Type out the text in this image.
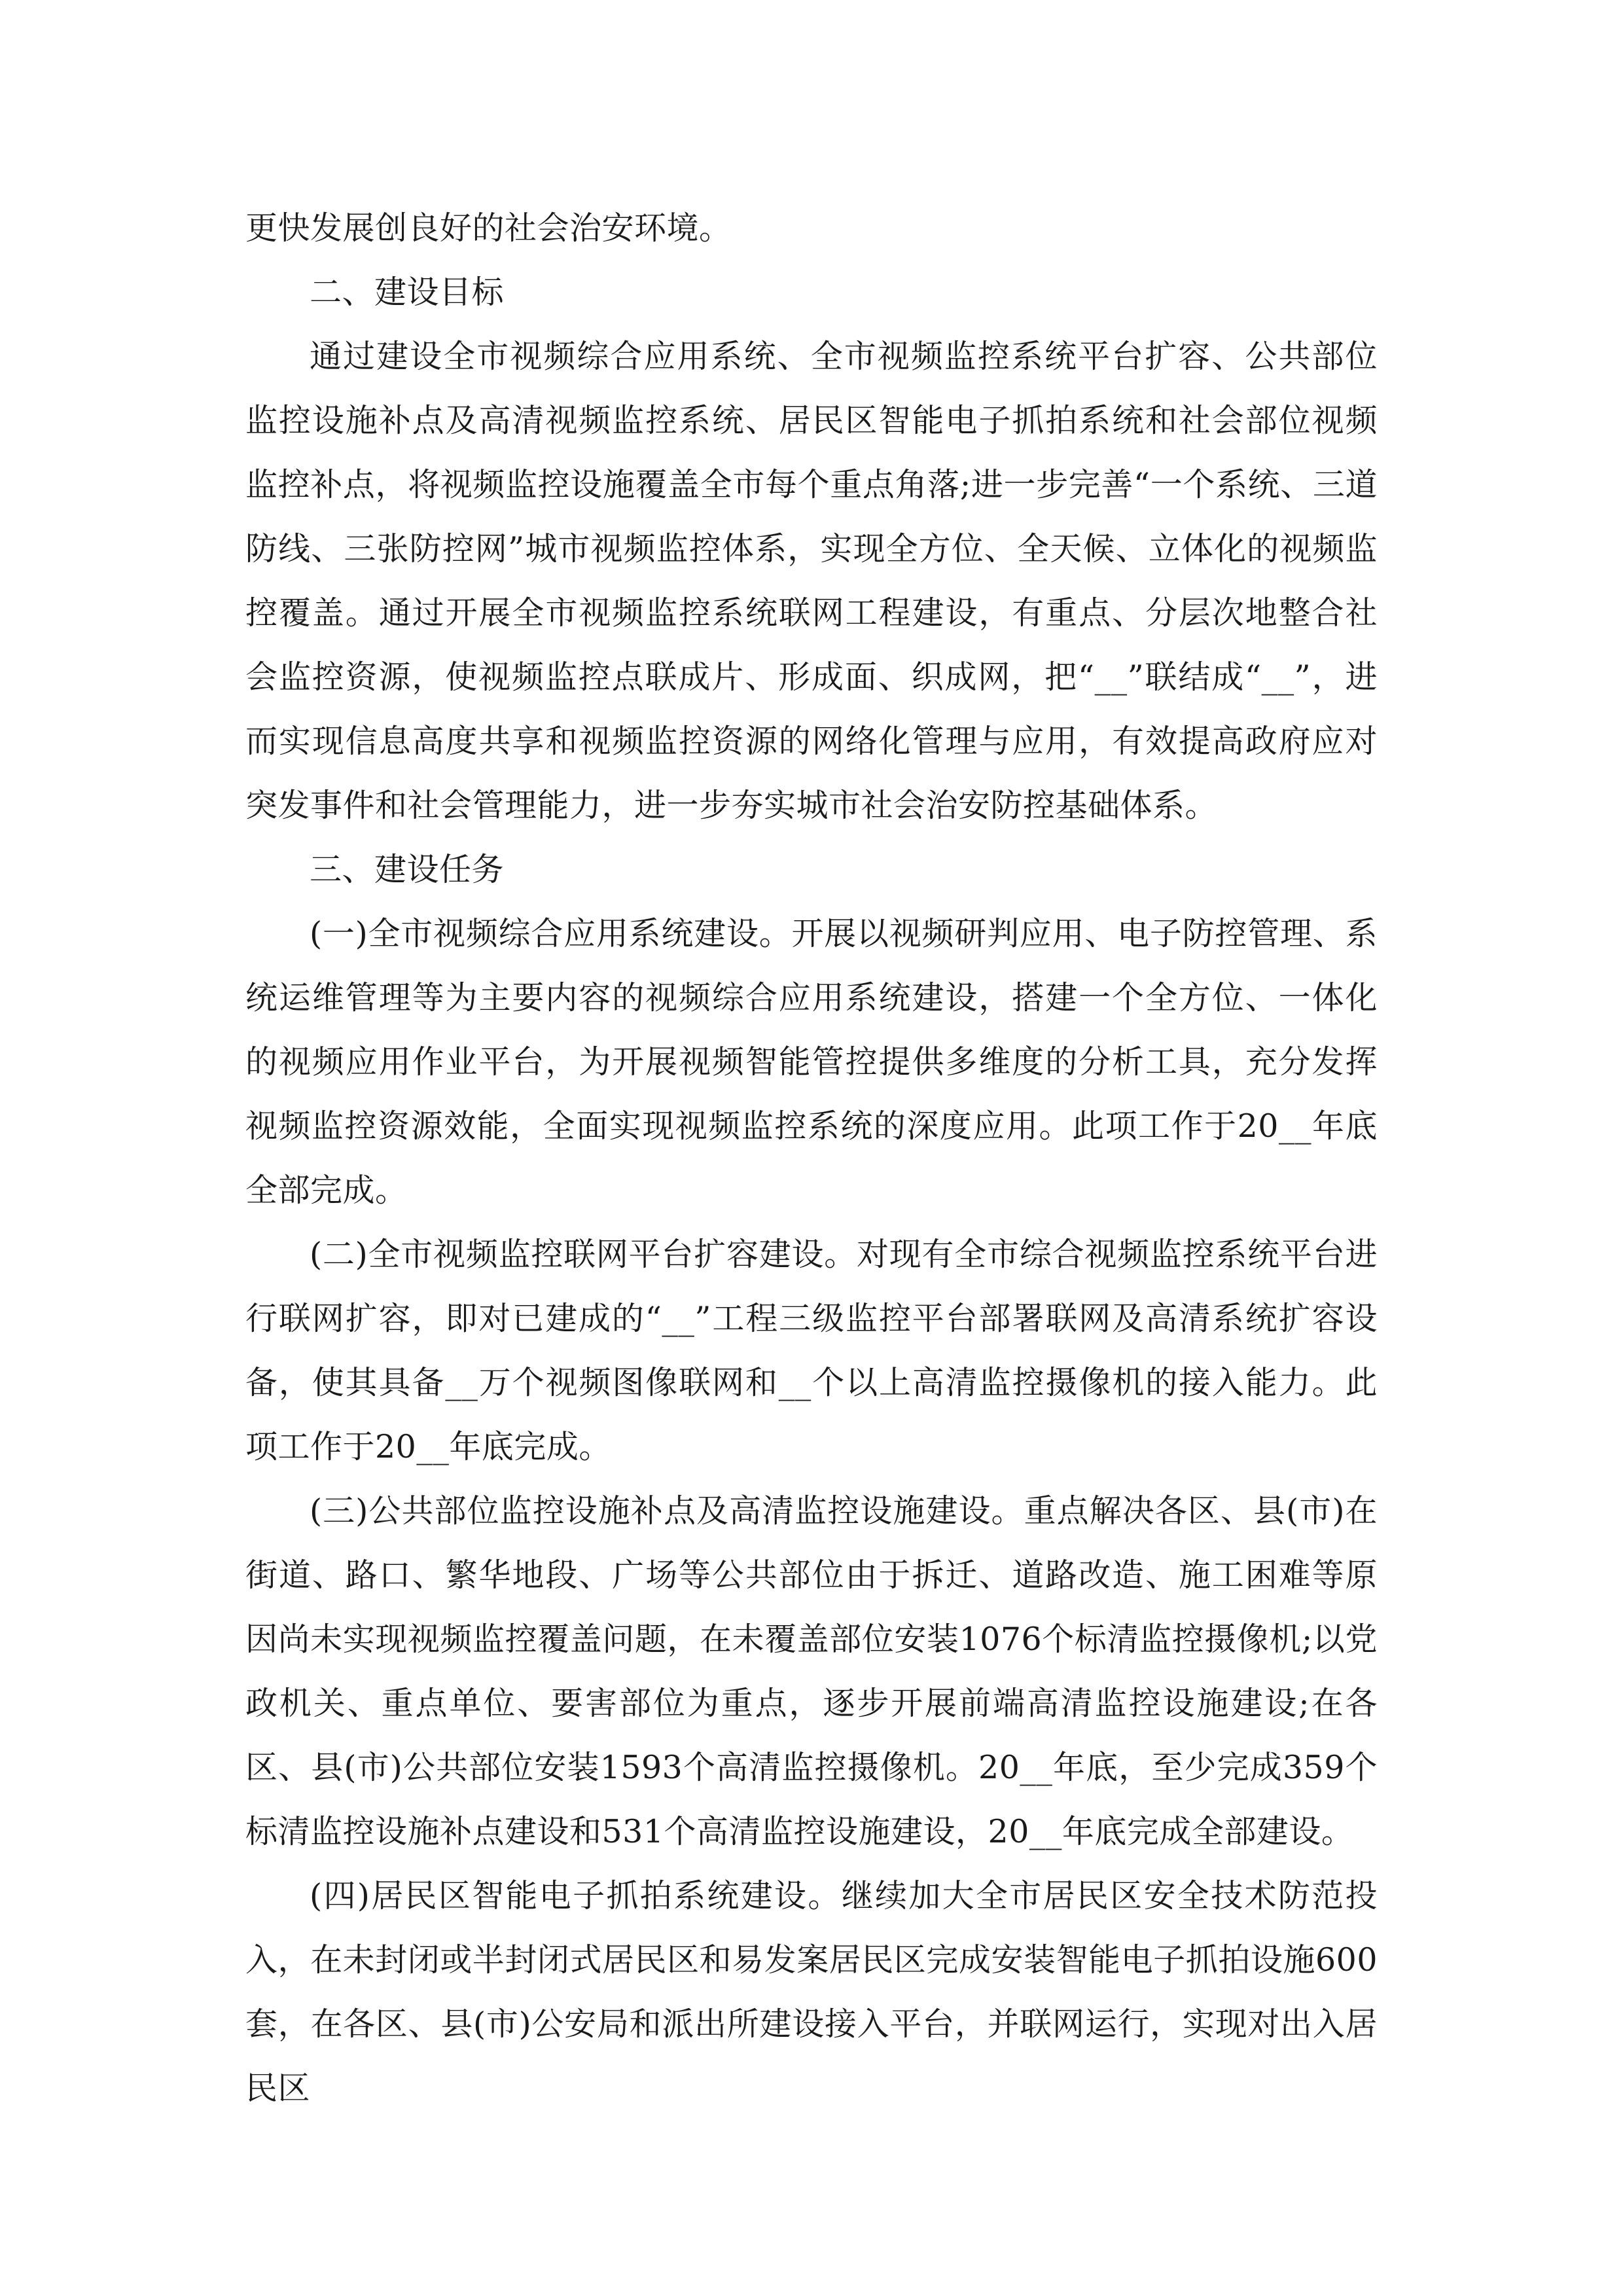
更快发展创良好的社会治安环境。

二、建设目标

通过建设全市视频综合应用系统、全市视频监控系统平台扩容、公共部位监控设施补点及高清视频监控系统、居民区智能电子抓拍系统和社会部位视频监控补点，将视频监控设施覆盖全市每个重点角落;进一步完善“一个系统、三道防线、三张防控网”城市视频监控体系，实现全方位、全天候、立体化的视频监控覆盖。通过开展全市视频监控系统联网工程建设，有重点、分层次地整合社会监控资源，使视频监控点联成片、形成面、织成网，把“__”联结成“__”，进而实现信息高度共享和视频监控资源的网络化管理与应用，有效提高政府应对突发事件和社会管理能力，进一步夯实城市社会治安防控基础体系。

三、建设任务

(一)全市视频综合应用系统建设。开展以视频研判应用、电子防控管理、系统运维管理等为主要内容的视频综合应用系统建设，搭建一个全方位、一体化的视频应用作业平台，为开展视频智能管控提供多维度的分析工具，充分发挥视频监控资源效能，全面实现视频监控系统的深度应用。此项工作于20__年底全部完成。

(二)全市视频监控联网平台扩容建设。对现有全市综合视频监控系统平台进行联网扩容，即对已建成的“__”工程三级监控平台部署联网及高清系统扩容设备，使其具备__万个视频图像联网和__个以上高清监控摄像机的接入能力。此项工作于20__年底完成。

(三)公共部位监控设施补点及高清监控设施建设。重点解决各区、县(市)在街道、路口、繁华地段、广场等公共部位由于拆迁、道路改造、施工困难等原因尚未实现视频监控覆盖问题，在未覆盖部位安装1076个标清监控摄像机;以党政机关、重点单位、要害部位为重点，逐步开展前端高清监控设施建设;在各区、县(市)公共部位安装1593个高清监控摄像机。20__年底，至少完成359个标清监控设施补点建设和531个高清监控设施建设，20__年底完成全部建设。

(四)居民区智能电子抓拍系统建设。继续加大全市居民区安全技术防范投入，在未封闭或半封闭式居民区和易发案居民区完成安装智能电子抓拍设施600套，在各区、县(市)公安局和派出所建设接入平台，并联网运行，实现对出入居民区
